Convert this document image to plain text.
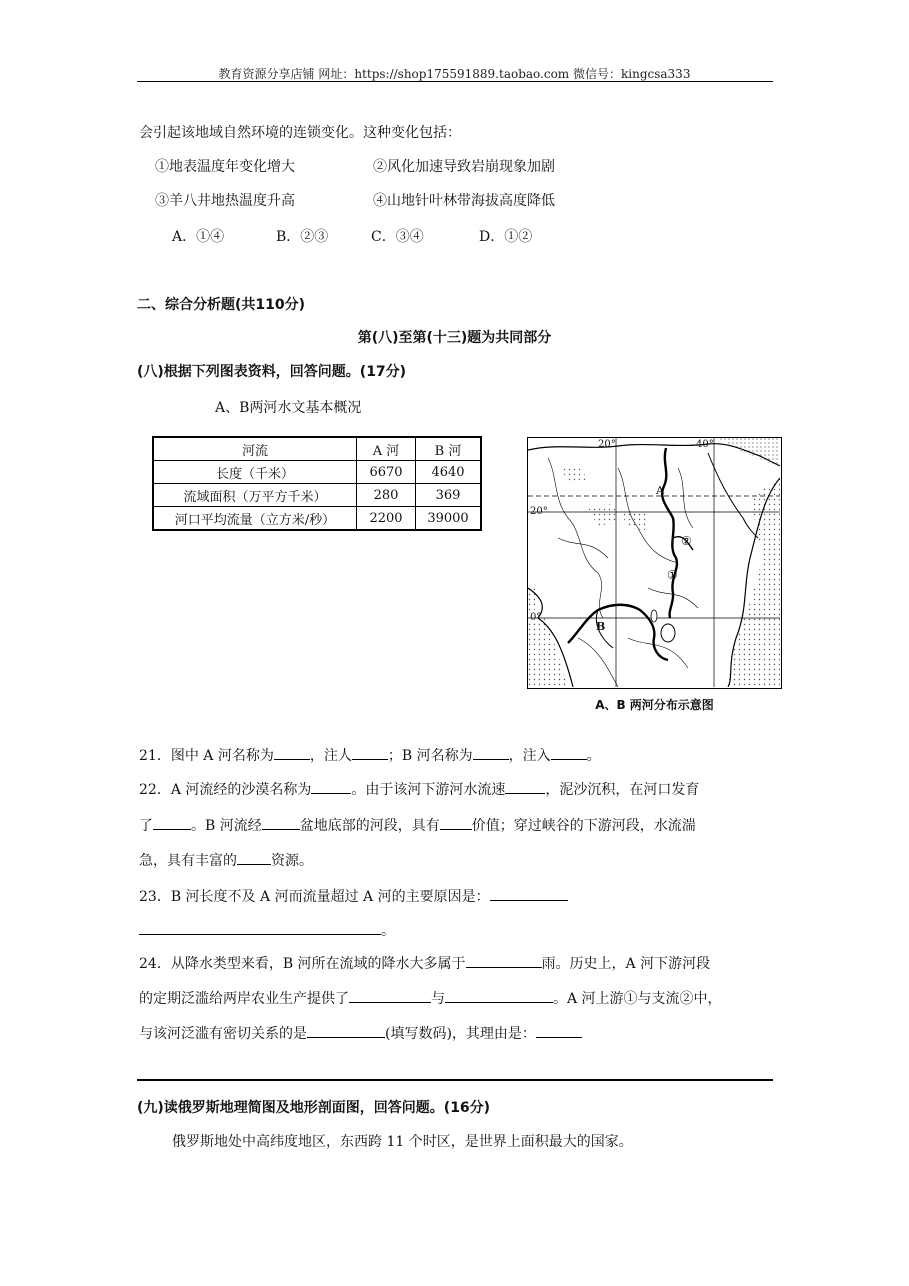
教育资源分享店铺 网址：https://shop175591889.taobao.com 微信号：kingcsa333
会引起该地域自然环境的连锁变化。这种变化包括：
①地表温度年变化增大	②风化加速导致岩崩现象加剧
③羊八井地热温度升高	④山地针叶林带海拔高度降低
A．①④	B．②③	C．③④	D．①②
二、综合分析题(共110分)
第(八)至第(十三)题为共同部分
(八)根据下列图表资料，回答问题。(17分)
A、B两河水文基本概况
河流	A 河	B 河
长度（千米）	6670	4640
流域面积（万平方千米）	280	369
河口平均流量（立方米/秒）	2200	39000
20°	40°
20°
0°
A
B
②
①
A、B 两河分布示意图
21．图中 A 河名称为	，注人	；B 河名称为	，注入	。
22．A 河流经的沙漠名称为	。由于该河下游河水流速	，泥沙沉积，在河口发育
了	。B 河流经	盆地底部的河段，具有 价值；穿过峡谷的下游河段，水流湍
急，具有丰富的 资源。
23．B 河长度不及 A 河而流量超过 A 河的主要原因是：
。
24．从降水类型来看，B 河所在流域的降水大多属于	雨。历史上，A 河下游河段
的定期泛滥给两岸农业生产提供了	与	。A 河上游①与支流②中，
与该河泛滥有密切关系的是	(填写数码)，其理由是：
(九)读俄罗斯地理简图及地形剖面图，回答问题。(16分)
俄罗斯地处中高纬度地区，东西跨 11 个时区，是世界上面积最大的国家。
